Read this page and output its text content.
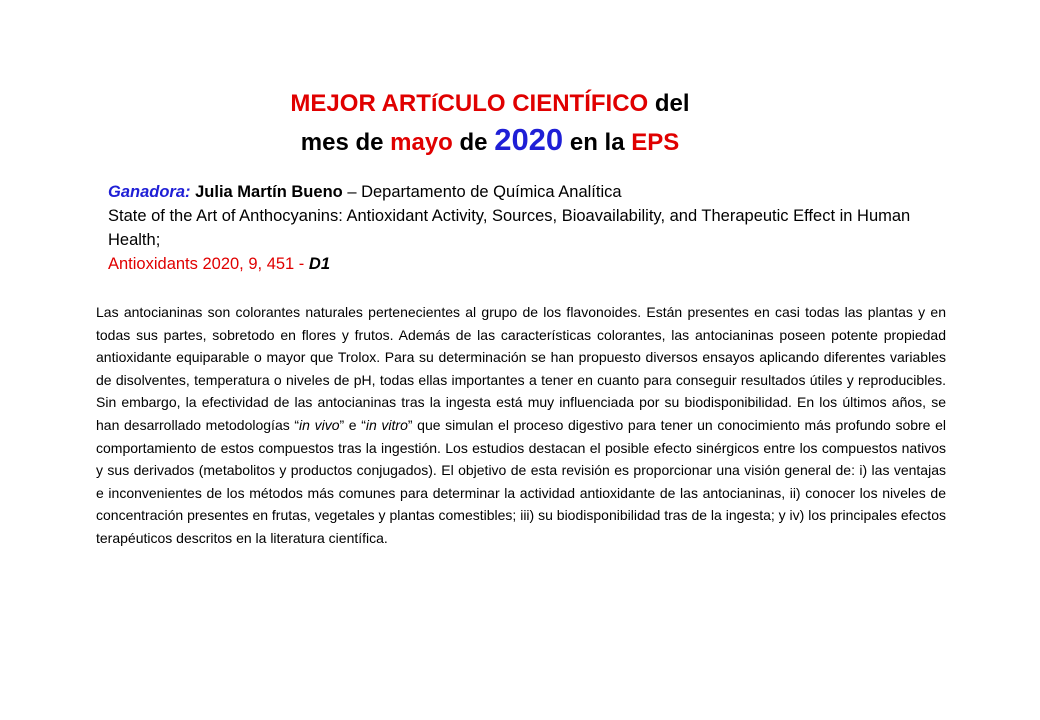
MEJOR ARTíCULO CIENTÍFICO del
mes de mayo de 2020 en la EPS
Ganadora: Julia Martín Bueno – Departamento de Química Analítica
State of the Art of Anthocyanins: Antioxidant Activity, Sources, Bioavailability, and Therapeutic Effect in Human Health;
Antioxidants 2020, 9, 451 - D1
Las antocianinas son colorantes naturales pertenecientes al grupo de los flavonoides. Están presentes en casi todas las plantas y en todas sus partes, sobretodo en flores y frutos. Además de las características colorantes, las antocianinas poseen potente propiedad antioxidante equiparable o mayor que Trolox. Para su determinación se han propuesto diversos ensayos aplicando diferentes variables de disolventes, temperatura o niveles de pH, todas ellas importantes a tener en cuanto para conseguir resultados útiles y reproducibles. Sin embargo, la efectividad de las antocianinas tras la ingesta está muy influenciada por su biodisponibilidad. En los últimos años, se han desarrollado metodologías “in vivo” e “in vitro” que simulan el proceso digestivo para tener un conocimiento más profundo sobre el comportamiento de estos compuestos tras la ingestión. Los estudios destacan el posible efecto sinérgicos entre los compuestos nativos y sus derivados (metabolitos y productos conjugados). El objetivo de esta revisión es proporcionar una visión general de: i) las ventajas e inconvenientes de los métodos más comunes para determinar la actividad antioxidante de las antocianinas, ii) conocer los niveles de concentración presentes en frutas, vegetales y plantas comestibles; iii) su biodisponibilidad tras de la ingesta; y iv) los principales efectos terapéuticos descritos en la literatura científica.
